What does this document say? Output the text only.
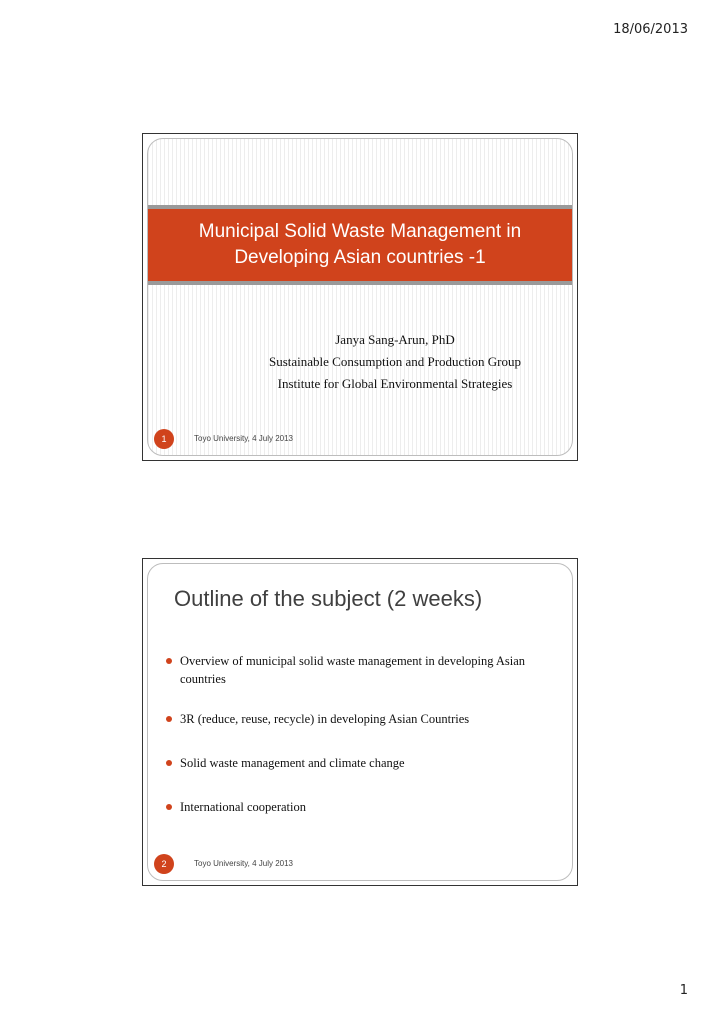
18/06/2013
Municipal Solid Waste Management in Developing Asian countries -1
Janya Sang-Arun, PhD
Sustainable Consumption and Production Group
Institute for Global Environmental Strategies
1	Toyo University, 4 July 2013
Outline of the subject (2 weeks)
Overview of municipal solid waste management in developing Asian countries
3R (reduce, reuse, recycle) in developing Asian Countries
Solid waste management and climate change
International cooperation
2	Toyo University, 4 July 2013
1
